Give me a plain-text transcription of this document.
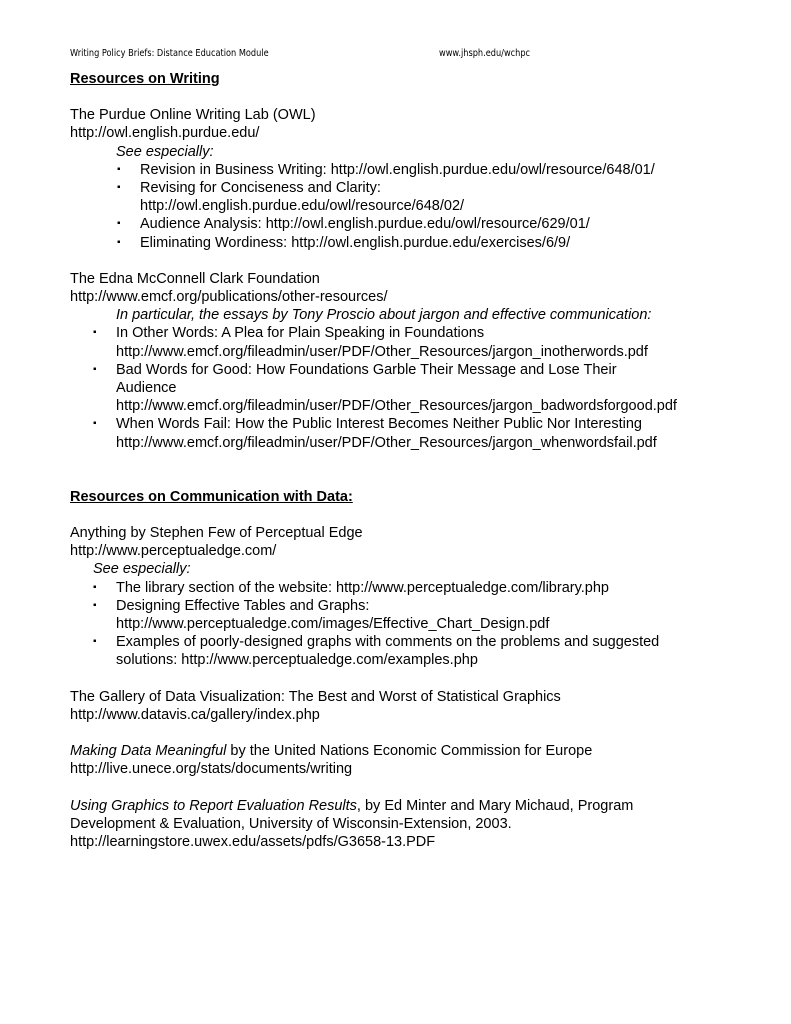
Writing Policy Briefs: Distance Education Module	www.jhsph.edu/wchpc
Resources on Writing
The Purdue Online Writing Lab (OWL)
http://owl.english.purdue.edu/
See especially:
▪ Revision in Business Writing: http://owl.english.purdue.edu/owl/resource/648/01/
▪ Revising for Conciseness and Clarity:
http://owl.english.purdue.edu/owl/resource/648/02/
▪ Audience Analysis: http://owl.english.purdue.edu/owl/resource/629/01/
▪ Eliminating Wordiness: http://owl.english.purdue.edu/exercises/6/9/
The Edna McConnell Clark Foundation
http://www.emcf.org/publications/other-resources/
In particular, the essays by Tony Proscio about jargon and effective communication:
▪ In Other Words: A Plea for Plain Speaking in Foundations
http://www.emcf.org/fileadmin/user/PDF/Other_Resources/jargon_inotherwords.pdf
▪ Bad Words for Good: How Foundations Garble Their Message and Lose Their
Audience
http://www.emcf.org/fileadmin/user/PDF/Other_Resources/jargon_badwordsforgood.pdf
▪ When Words Fail: How the Public Interest Becomes Neither Public Nor Interesting
http://www.emcf.org/fileadmin/user/PDF/Other_Resources/jargon_whenwordsfail.pdf
Resources on Communication with Data:
Anything by Stephen Few of Perceptual Edge
http://www.perceptualedge.com/
See especially:
▪ The library section of the website: http://www.perceptualedge.com/library.php
▪ Designing Effective Tables and Graphs:
http://www.perceptualedge.com/images/Effective_Chart_Design.pdf
▪ Examples of poorly-designed graphs with comments on the problems and suggested
solutions: http://www.perceptualedge.com/examples.php
The Gallery of Data Visualization: The Best and Worst of Statistical Graphics
http://www.datavis.ca/gallery/index.php
Making Data Meaningful by the United Nations Economic Commission for Europe
http://live.unece.org/stats/documents/writing
Using Graphics to Report Evaluation Results, by Ed Minter and Mary Michaud, Program
Development & Evaluation, University of Wisconsin-Extension, 2003.
http://learningstore.uwex.edu/assets/pdfs/G3658-13.PDF
